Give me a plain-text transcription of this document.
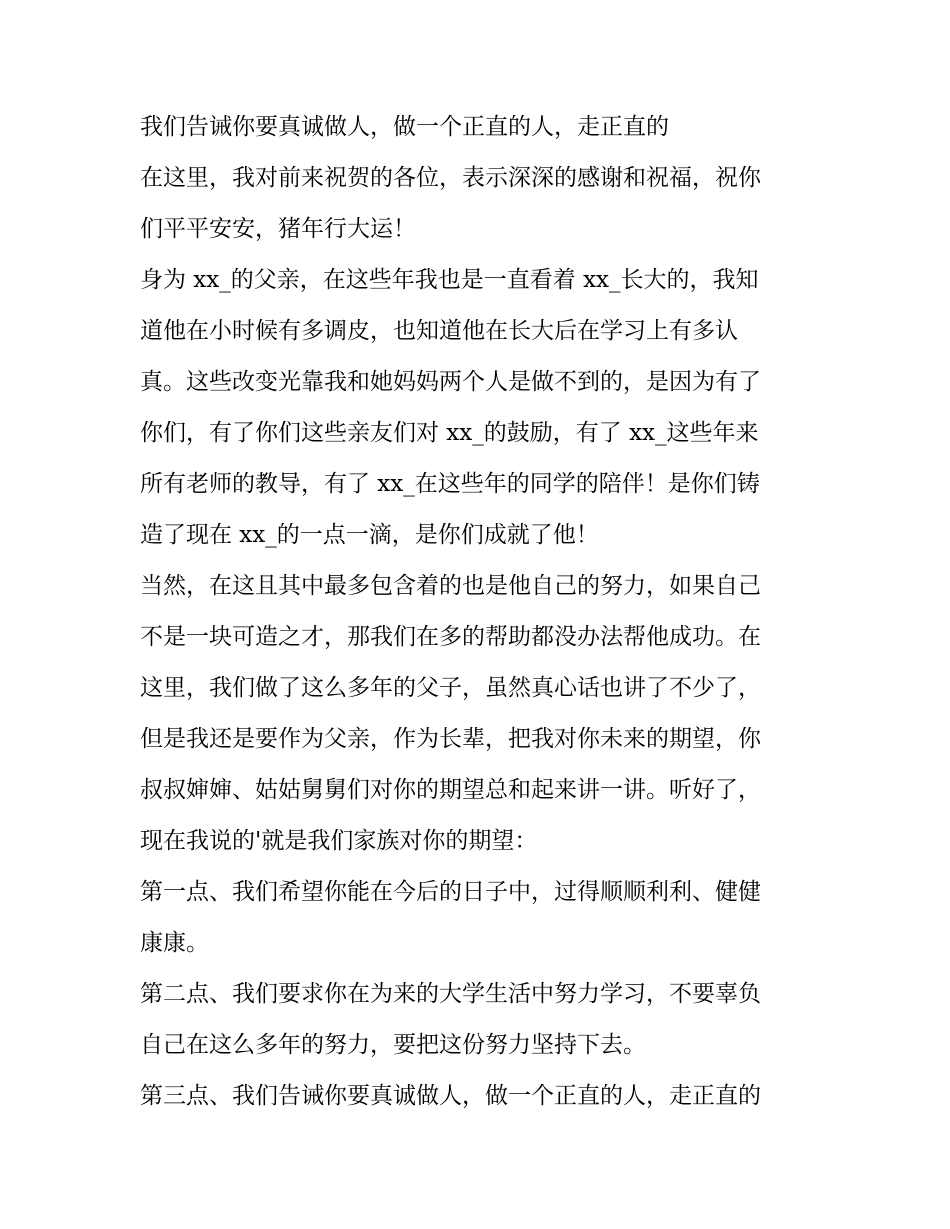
我们告诫你要真诚做人，做一个正直的人，走正直的
在这里，我对前来祝贺的各位，表示深深的感谢和祝福，祝你
们平平安安，猪年行大运！
身为 xx_的父亲，在这些年我也是一直看着 xx_长大的，我知
道他在小时候有多调皮，也知道他在长大后在学习上有多认
真。这些改变光靠我和她妈妈两个人是做不到的，是因为有了
你们，有了你们这些亲友们对 xx_的鼓励，有了 xx_这些年来
所有老师的教导，有了 xx_在这些年的同学的陪伴！是你们铸
造了现在 xx_的一点一滴，是你们成就了他！
当然，在这且其中最多包含着的也是他自己的努力，如果自己
不是一块可造之才，那我们在多的帮助都没办法帮他成功。在
这里，我们做了这么多年的父子，虽然真心话也讲了不少了，
但是我还是要作为父亲，作为长辈，把我对你未来的期望，你
叔叔婶婶、姑姑舅舅们对你的期望总和起来讲一讲。听好了，
现在我说的'就是我们家族对你的期望：
第一点、我们希望你能在今后的日子中，过得顺顺利利、健健
康康。
第二点、我们要求你在为来的大学生活中努力学习，不要辜负
自己在这么多年的努力，要把这份努力坚持下去。
第三点、我们告诫你要真诚做人，做一个正直的人，走正直的
